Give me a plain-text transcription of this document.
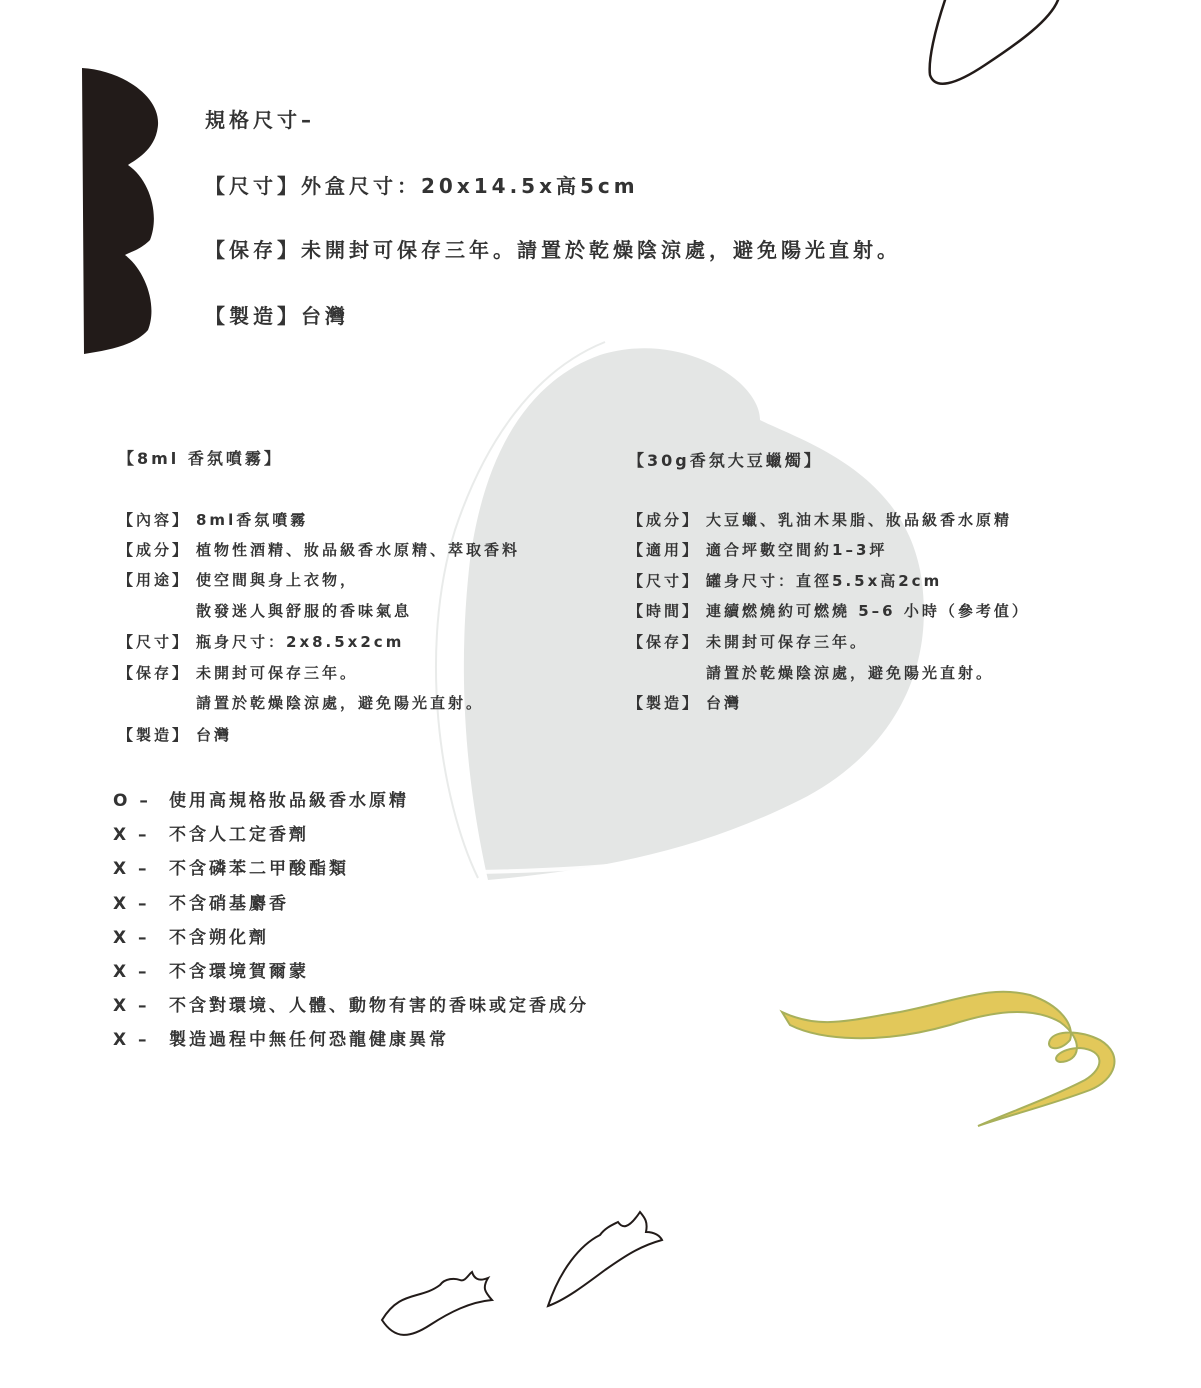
規格尺寸–
【尺寸】外盒尺寸：20x14.5x高5cm
【保存】未開封可保存三年。請置於乾燥陰涼處，避免陽光直射。
【製造】台灣
【8ml 香氛噴霧】
【內容】 8ml香氛噴霧
【成分】 植物性酒精、妝品級香水原精、萃取香料
【用途】 使空間與身上衣物，
散發迷人與舒服的香味氣息
【尺寸】 瓶身尺寸：2x8.5x2cm
【保存】 未開封可保存三年。
請置於乾燥陰涼處，避免陽光直射。
【製造】 台灣
【30g香氛大豆蠟燭】
【成分】 大豆蠟、乳油木果脂、妝品級香水原精
【適用】 適合坪數空間約1–3坪
【尺寸】 罐身尺寸：直徑5.5x高2cm
【時間】 連續燃燒約可燃燒 5–6 小時（參考值）
【保存】 未開封可保存三年。
請置於乾燥陰涼處，避免陽光直射。
【製造】 台灣
O – 使用高規格妝品級香水原精
X – 不含人工定香劑
X – 不含磷苯二甲酸酯類
X – 不含硝基麝香
X – 不含朔化劑
X – 不含環境賀爾蒙
X – 不含對環境、人體、動物有害的香味或定香成分
X – 製造過程中無任何恐龍健康異常
